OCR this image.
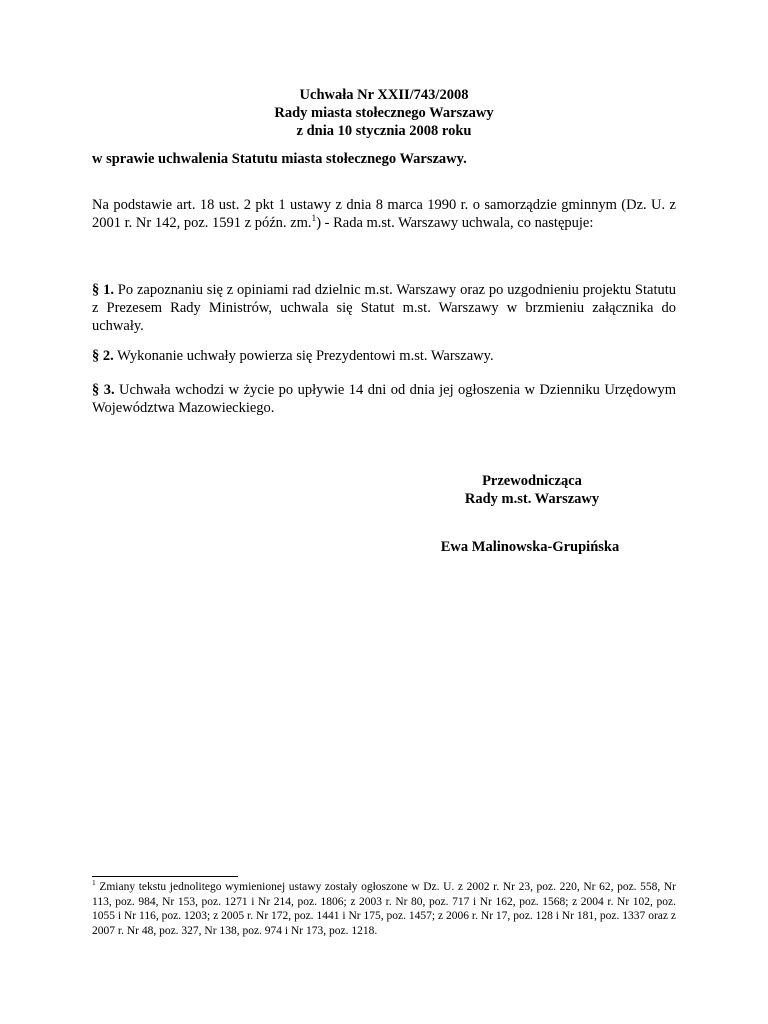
Uchwała Nr XXII/743/2008
Rady miasta stołecznego Warszawy
z dnia 10 stycznia 2008 roku
w sprawie uchwalenia Statutu miasta stołecznego Warszawy.
Na podstawie art. 18 ust. 2 pkt 1 ustawy z dnia 8 marca 1990 r. o samorządzie gminnym (Dz. U. z 2001 r. Nr 142, poz. 1591 z późn. zm.$^1$) - Rada m.st. Warszawy uchwala, co następuje:
§ 1. Po zapoznaniu się z opiniami rad dzielnic m.st. Warszawy oraz po uzgodnieniu projektu Statutu z Prezesem Rady Ministrów, uchwala się Statut m.st. Warszawy w brzmieniu załącznika do uchwały.
§ 2. Wykonanie uchwały powierza się Prezydentowi m.st. Warszawy.
§ 3. Uchwała wchodzi w życie po upływie 14 dni od dnia jej ogłoszenia w Dzienniku Urzędowym Województwa Mazowieckiego.
Przewodnicząca
Rady m.st. Warszawy
Ewa Malinowska-Grupińska
$^1$ Zmiany tekstu jednolitego wymienionej ustawy zostały ogłoszone w Dz. U. z 2002 r. Nr 23, poz. 220, Nr 62, poz. 558, Nr 113, poz. 984, Nr 153, poz. 1271 i Nr 214, poz. 1806; z 2003 r. Nr 80, poz. 717 i Nr 162, poz. 1568; z 2004 r. Nr 102, poz. 1055 i Nr 116, poz. 1203; z 2005 r. Nr 172, poz. 1441 i Nr 175, poz. 1457; z 2006 r. Nr 17, poz. 128 i Nr 181, poz. 1337 oraz z 2007 r. Nr 48, poz. 327, Nr 138, poz. 974 i Nr 173, poz. 1218.
